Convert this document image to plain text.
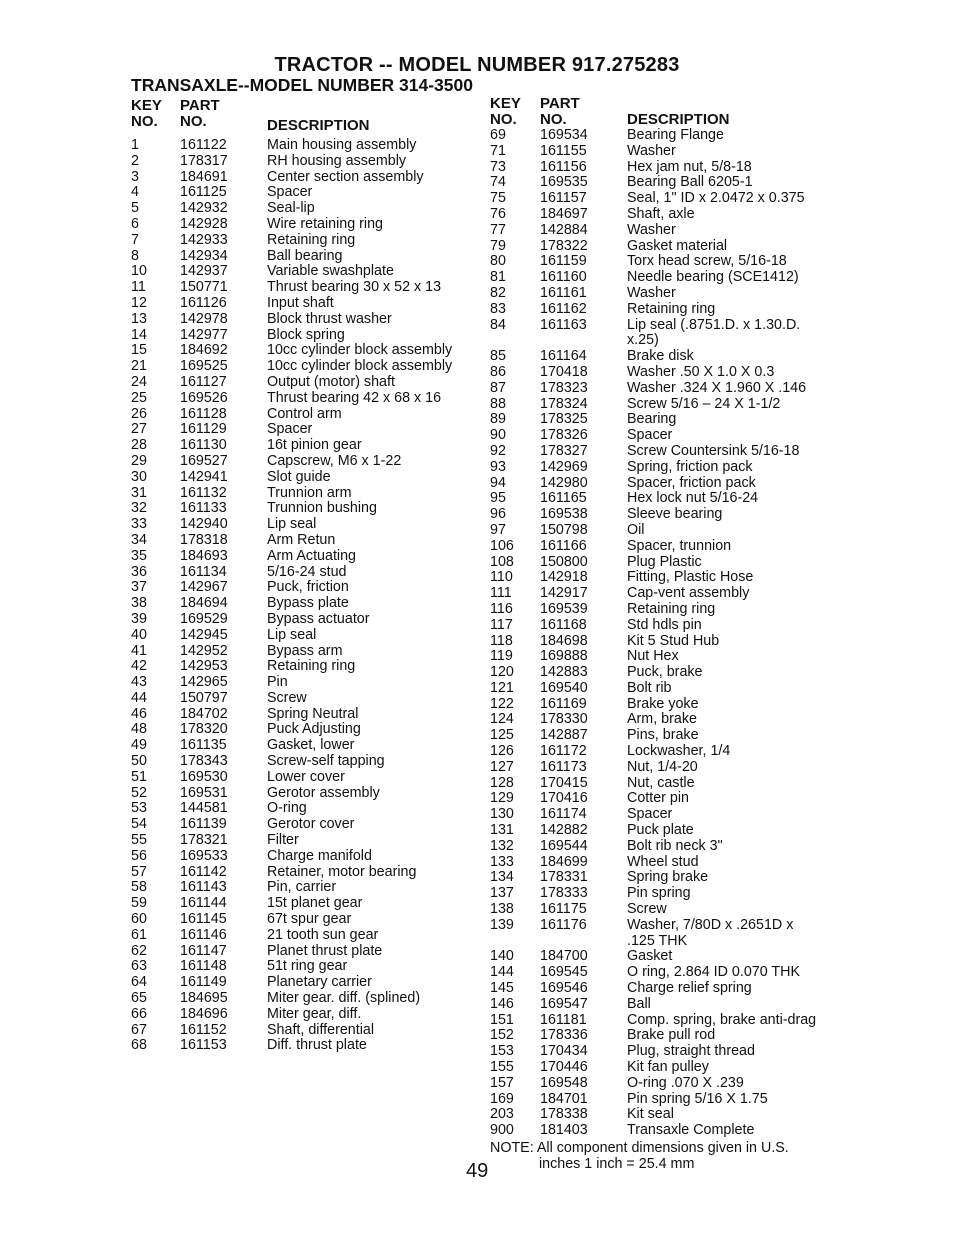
TRACTOR -- MODEL NUMBER 917.275283
TRANSAXLE--MODEL NUMBER 314-3500
KEY
NO.
PART
NO.	DESCRIPTION
KEY
NO.
PART
NO.	DESCRIPTION
1	161122	Main housing assembly
2	178317	RH housing assembly
3	184691	Center section assembly
4	161125	Spacer
5	142932	Seal-lip
6	142928	Wire retaining ring
7	142933	Retaining ring
8	142934	Ball bearing
10 142937	Variable swashplate
11 150771	Thrust bearing 30 x 52 x 13
12 161126	Input shaft
13 142978	Block thrust washer
14 142977	Block spring
15 184692	10cc cylinder block assembly
21 169525	10cc cylinder block assembly
24 161127	Output (motor) shaft
25 169526	Thrust bearing 42 x 68 x 16
26 161128	Control arm
27 161129	Spacer
28 161130	16t pinion gear
29 169527	Capscrew, M6 x 1-22
30 142941	Slot guide
31 161132	Trunnion arm
32 161133	Trunnion bushing
33 142940	Lip seal
34 178318	Arm Retun
35 184693	Arm Actuating
36 161134	5/16-24 stud
37 142967	Puck, friction
38 184694	Bypass plate
39 169529	Bypass actuator
40 142945	Lip seal
41 142952	Bypass arm
42 142953	Retaining ring
43 142965	Pin
44 150797	Screw
46 184702	Spring Neutral
48 178320	Puck Adjusting
49 161135	Gasket, lower
50 178343	Screw-self tapping
51 169530	Lower cover
52 169531	Gerotor assembly
53 144581	O-ring
54 161139	Gerotor cover
55 178321	Filter
56 169533	Charge manifold
57 161142	Retainer, motor bearing
58 161143	Pin, carrier
59 161144	15t planet gear
60 161145	67t spur gear
61 161146	21 tooth sun gear
62 161147	Planet thrust plate
63 161148	51t ring gear
64 161149	Planetary carrier
65 184695	Miter gear. diff. (splined)
66 184696	Miter gear, diff.
67 161152	Shaft, differential
68 161153	Diff. thrust plate
69 169534	Bearing Flange
71 161155	Washer
73 161156	Hex jam nut, 5/8-18
74 169535	Bearing Ball 6205-1
75 161157	Seal, 1" ID x 2.0472 x 0.375
76 184697	Shaft, axle
77 142884	Washer
79 178322	Gasket material
80 161159	Torx head screw, 5/16-18
81 161160	Needle bearing (SCE1412)
82 161161	Washer
83 161162	Retaining ring
84 161163	Lip seal (.8751.D. x 1.30.D.
x.25)
85 161164	Brake disk
86 170418	Washer .50 X 1.0 X 0.3
87 178323	Washer .324 X 1.960 X .146
88 178324	Screw 5/16 – 24 X 1-1/2
89 178325	Bearing
90 178326	Spacer
92 178327	Screw Countersink 5/16-18
93 142969	Spring, friction pack
94 142980	Spacer, friction pack
95 161165	Hex lock nut 5/16-24
96 169538	Sleeve bearing
97 150798	Oil
106 161166	Spacer, trunnion
108 150800	Plug Plastic
110 142918	Fitting, Plastic Hose
111 142917	Cap-vent assembly
116 169539	Retaining ring
117 161168	Std hdls pin
118 184698	Kit 5 Stud Hub
119 169888	Nut Hex
120 142883	Puck, brake
121 169540	Bolt rib
122 161169	Brake yoke
124 178330	Arm, brake
125 142887	Pins, brake
126 161172	Lockwasher, 1/4
127 161173	Nut, 1/4-20
128 170415	Nut, castle
129 170416	Cotter pin
130 161174	Spacer
131 142882	Puck plate
132 169544	Bolt rib neck 3"
133 184699	Wheel stud
134 178331	Spring brake
137 178333	Pin spring
138 161175	Screw
139 161176	Washer, 7/80D x .2651D x
.125 THK
140 184700	Gasket
144 169545	O ring, 2.864 ID 0.070 THK
145 169546	Charge relief spring
146 169547	Ball
151 161181	Comp. spring, brake anti-drag
152 178336	Brake pull rod
153 170434	Plug, straight thread
155 170446	Kit fan pulley
157 169548	O-ring .070 X .239
169 184701	Pin spring 5/16 X 1.75
203 178338	Kit seal
900 181403	Transaxle Complete
NOTE: All component dimensions given in U.S.
inches 1 inch = 25.4 mm
49
